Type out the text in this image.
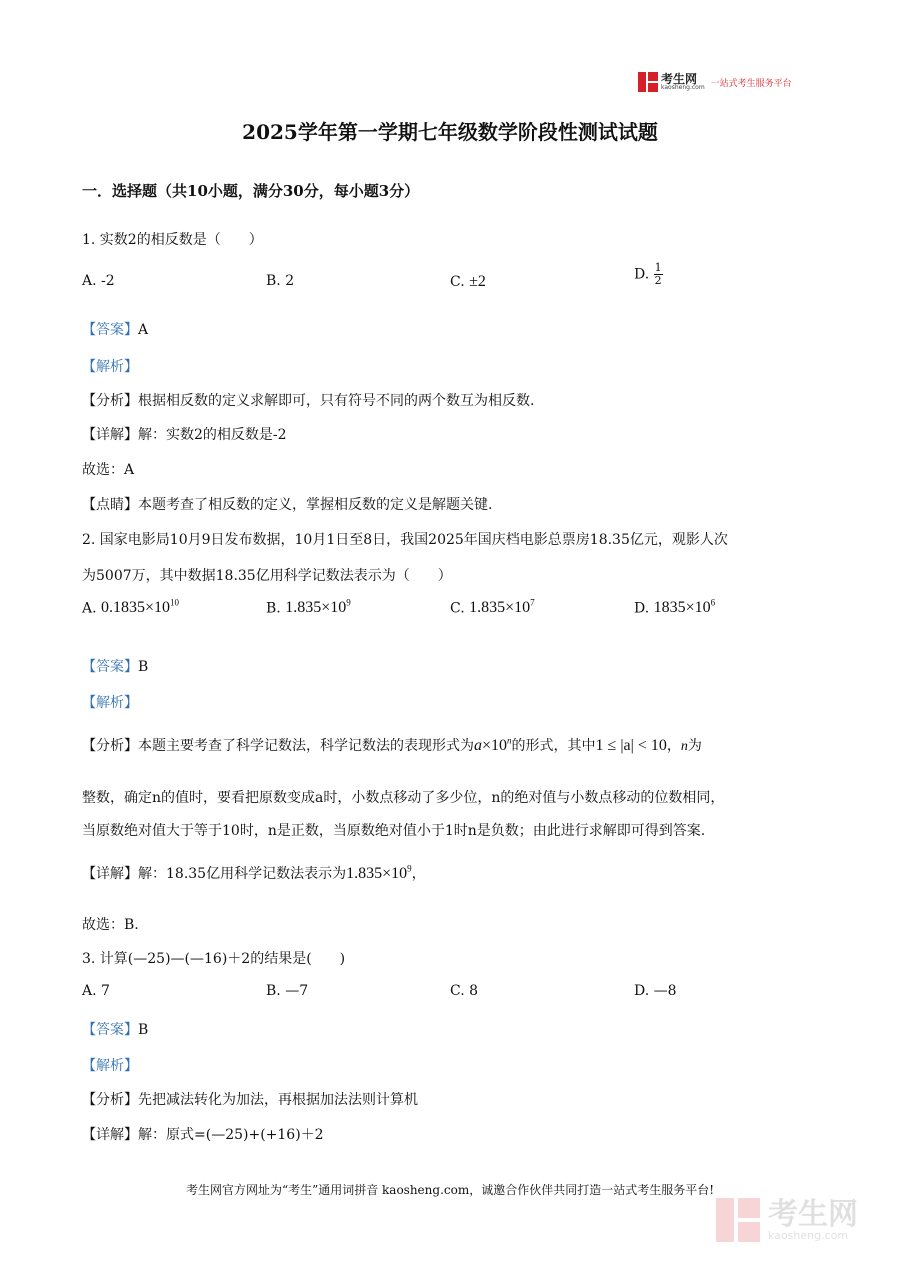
考生网
kaosheng.com 一站式考生服务平台
2025学年第一学期七年级数学阶段性测试试题
一．选择题（共10小题，满分30分，每小题3分）
1. 实数2的相反数是（　　）
A. -2	B. 2	C. ±2	D. $\frac{1}{2}$
【答案】A
【解析】
【分析】根据相反数的定义求解即可，只有符号不同的两个数互为相反数.
【详解】解：实数2的相反数是-2
故选：A
【点睛】本题考查了相反数的定义，掌握相反数的定义是解题关键.
2. 国家电影局10月9日发布数据，10月1日至8日，我国2025年国庆档电影总票房18.35亿元，观影人次
为5007万，其中数据18.35亿用科学记数法表示为（　　）
A. $0.1835\times 10^{10}$	B. $1.835\times 10^9$	C. $1.835\times 10^7$	D. $1835\times 10^6$
【答案】B
【解析】
【分析】本题主要考查了科学记数法，科学记数法的表现形式为$a\times 10^n$的形式，其中1 ≤ |a| < 10，n为
整数，确定n的值时，要看把原数变成a时，小数点移动了多少位，n的绝对值与小数点移动的位数相同，
当原数绝对值大于等于10时，n是正数，当原数绝对值小于1时n是负数；由此进行求解即可得到答案.
【详解】解：18.35亿用科学记数法表示为$1.835\times 10^9$，
故选：B.
3. 计算(—25)—(—16)＋2的结果是(　　)
A. 7	B. —7	C. 8	D. —8
【答案】B
【解析】
【分析】先把减法转化为加法，再根据加法法则计算机
【详解】解：原式=(—25)+(+16)＋2
考生网官方网址为“考生”通用词拼音 kaosheng.com，诚邀合作伙伴共同打造一站式考生服务平台!
考生网
kaosheng.com
